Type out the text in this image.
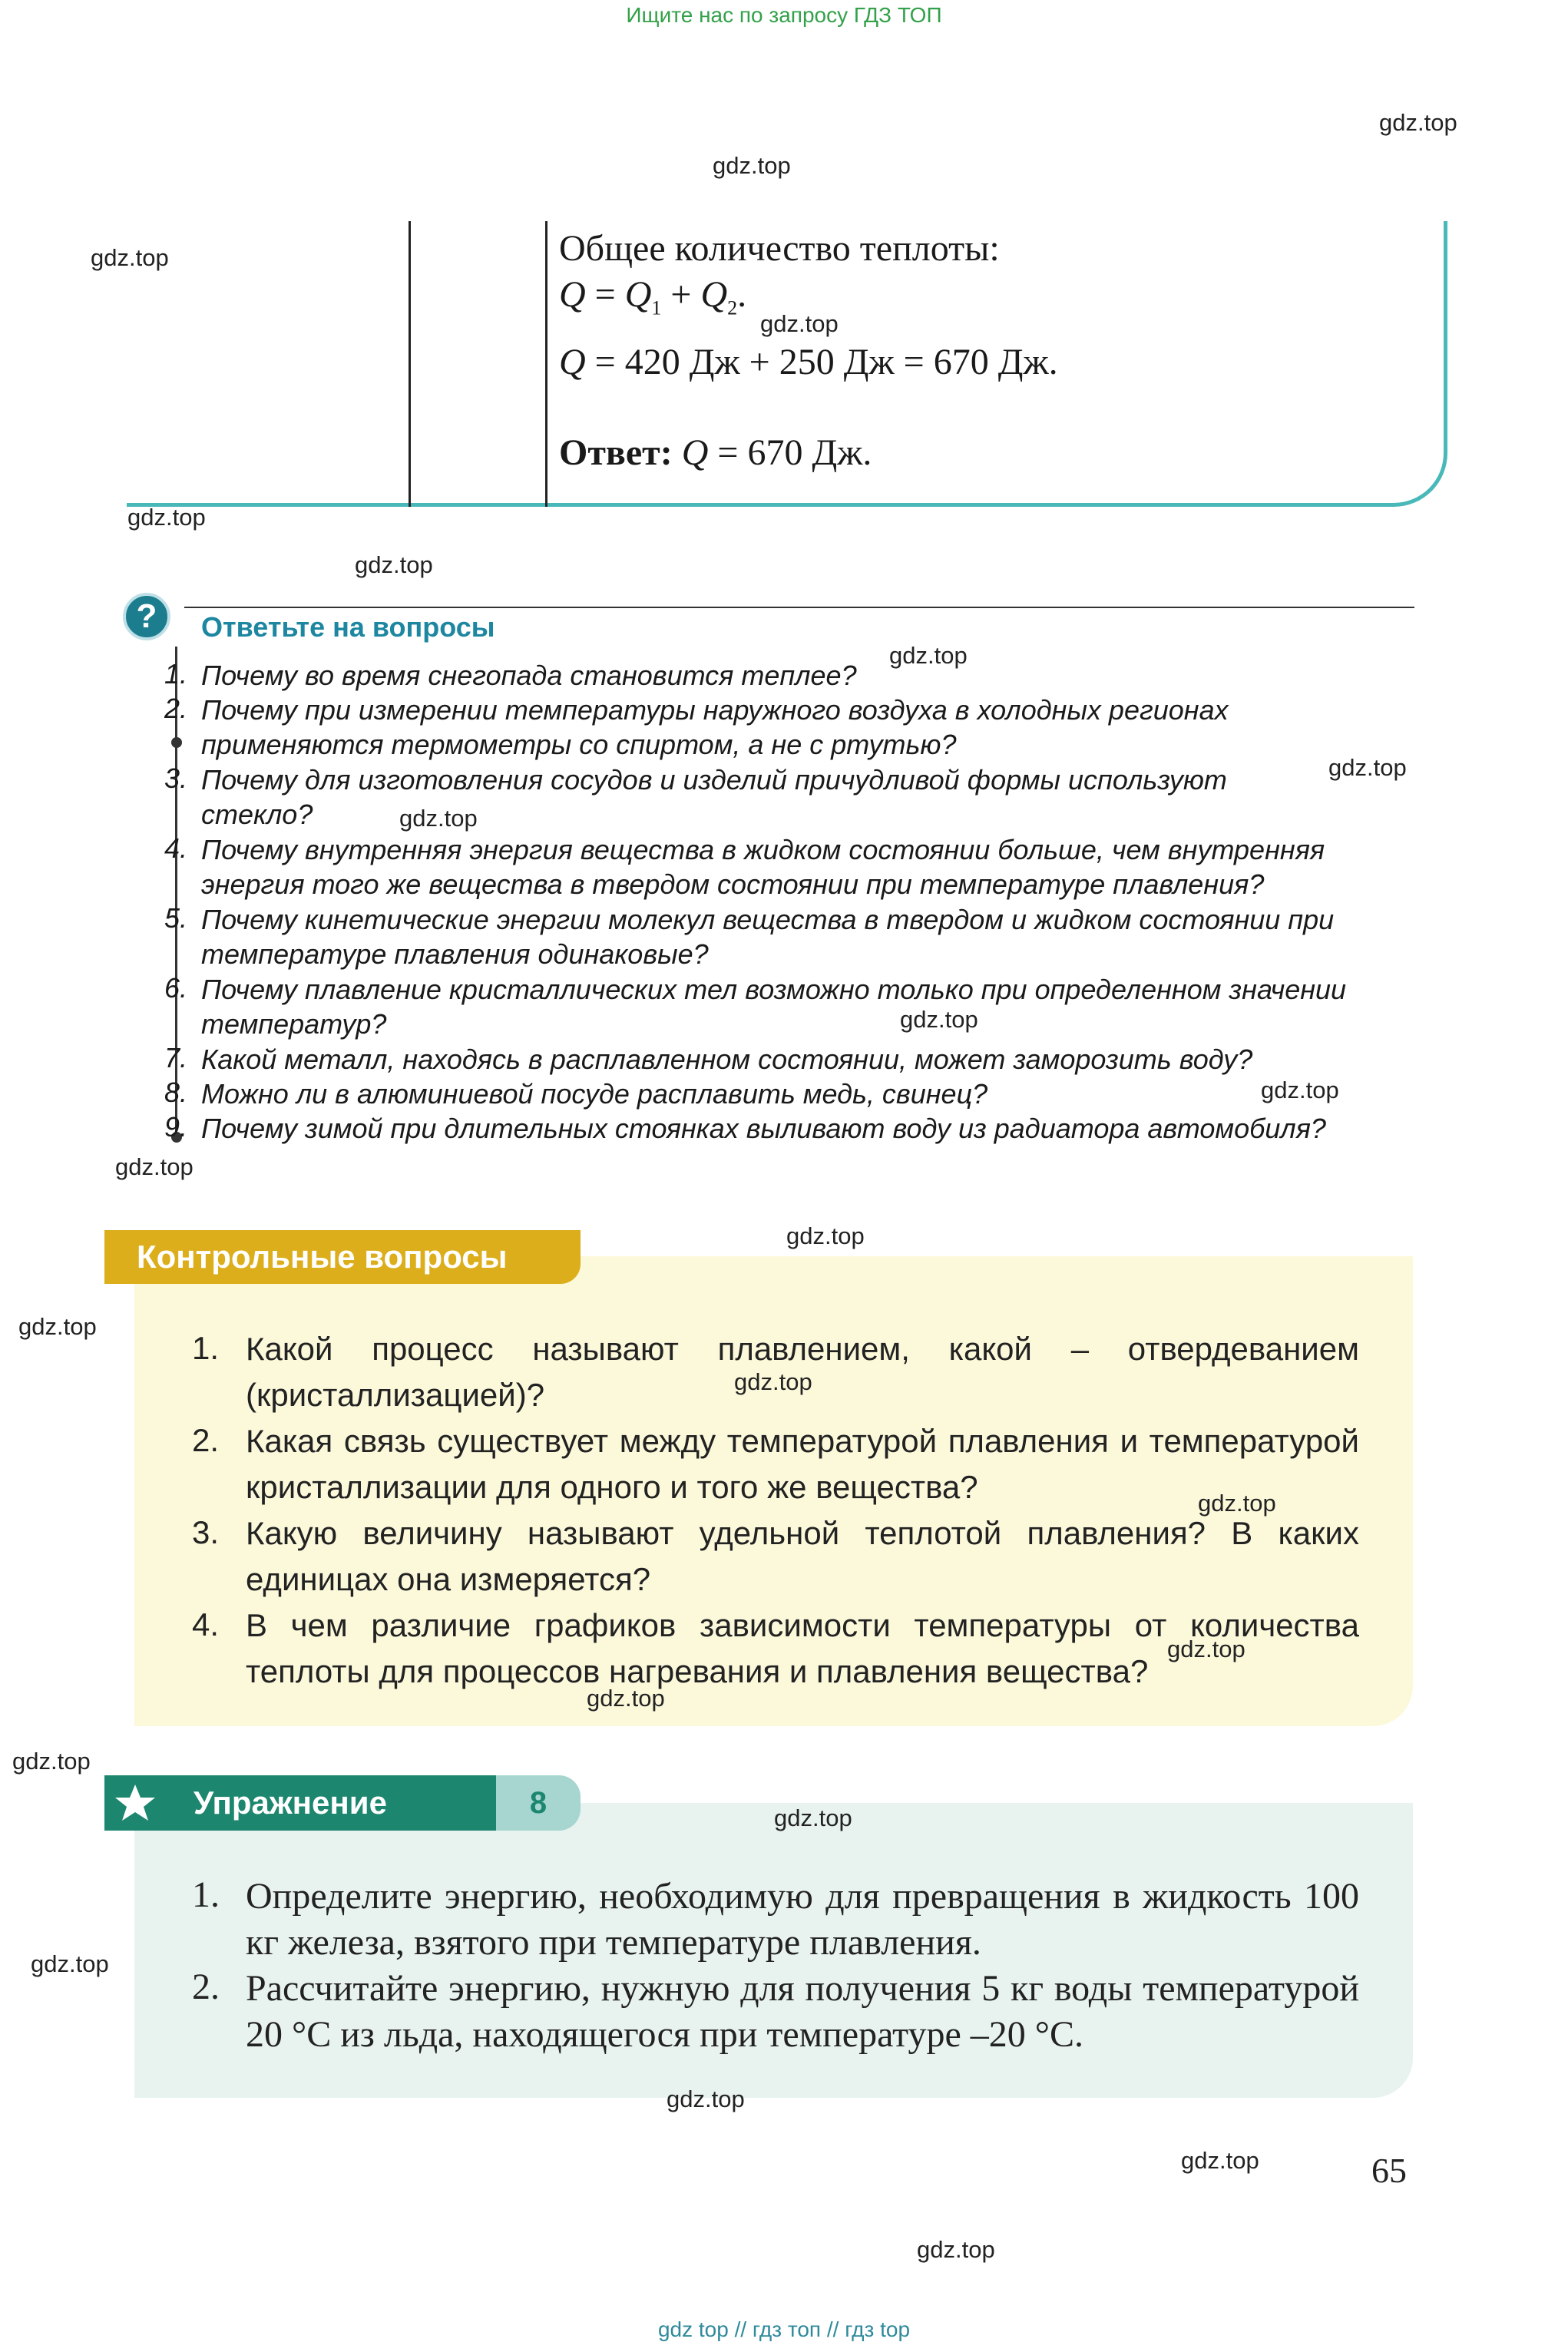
Ищите нас по запросу ГДЗ ТОП
gdz top // гдз топ // гдз top
Общее количество теплоты:
$Q = Q_1 + Q_2$.
Q = 420 Дж + 250 Дж = 670 Дж.
Ответ: Q = 670 Дж.
?	Ответьте на вопросы
1. Почему во время снегопада становится теплее?
2. Почему при измерении температуры наружного воздуха в холодных регионах применяются термометры со спиртом, а не с ртутью?
3. Почему для изготовления сосудов и изделий причудливой формы используют стекло?
4. Почему внутренняя энергия вещества в жидком состоянии больше, чем внутренняя энергия того же вещества в твердом состоянии при температуре плавления?
5. Почему кинетические энергии молекул вещества в твердом и жидком состоянии при температуре плавления одинаковые?
6. Почему плавление кристаллических тел возможно только при определенном значении температур?
7. Какой металл, находясь в расплавленном состоянии, может заморозить воду?
8. Можно ли в алюминиевой посуде расплавить медь, свинец?
9. Почему зимой при длительных стоянках выливают воду из радиатора автомобиля?
Контрольные вопросы
1. Какой процесс называют плавлением, какой – отвердеванием (кристаллизацией)?
2. Какая связь существует между температурой плавления и температурой кристаллизации для одного и того же вещества?
3. Какую величину называют удельной теплотой плавления? В каких единицах она измеряется?
4. В чем различие графиков зависимости температуры от количества теплоты для процессов нагревания и плавления вещества?
Упражнение	8
1. Определите энергию, необходимую для превращения в жидкость 100 кг железа, взятого при температуре плавления.
2. Рассчитайте энергию, нужную для получения 5 кг воды температурой 20 °С из льда, находящегося при температуре –20 °С.
65
gdz.top
gdz.top
gdz.top
gdz.top
gdz.top
gdz.top
gdz.top
gdz.top
gdz.top
gdz.top
gdz.top
gdz.top
gdz.top
gdz.top
gdz.top
gdz.top
gdz.top
gdz.top
gdz.top
gdz.top
gdz.top
gdz.top
gdz.top
gdz.top
